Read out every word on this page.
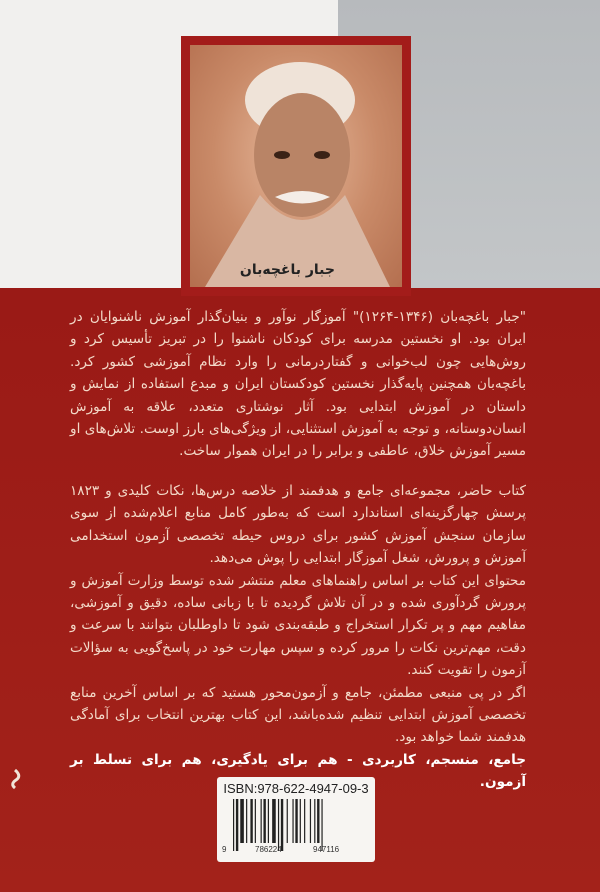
جبار باغچه‌بان
"جبار باغچه‌بان (۱۳۴۶-۱۲۶۴)" آموزگار نوآور و بنیان‌گذار آموزش ناشنوایان در ایران بود. او نخستین مدرسه برای کودکان ناشنوا را در تبریز تأسیس کرد و روش‌هایی چون لب‌خوانی و گفتاردرمانی را وارد نظام آموزشی کشور کرد. باغچه‌بان همچنین پایه‌گذار نخستین کودکستان ایران و مبدع استفاده از نمایش و داستان در آموزش ابتدایی بود. آثار نوشتاری متعدد، علاقه به آموزش انسان‌دوستانه، و توجه به آموزش استثنایی، از ویژگی‌های بارز اوست. تلاش‌های او مسیر آموزش خلاق، عاطفی و برابر را در ایران هموار ساخت.

کتاب حاضر، مجموعه‌ای جامع و هدفمند از خلاصه درس‌ها، نکات کلیدی و ۱۸۲۳ پرسش چهارگزینه‌ای استاندارد است که به‌طور کامل منابع اعلام‌شده از سوی سازمان سنجش آموزش کشور برای دروس حیطه تخصصی آزمون استخدامی آموزش و پرورش، شغل آموزگار ابتدایی را پوش می‌دهد.

محتوای این کتاب بر اساس راهنماهای معلم منتشر شده توسط وزارت آموزش و پرورش گردآوری شده و در آن تلاش گردیده تا با زبانی ساده، دقیق و آموزشی، مفاهیم مهم و پر تکرار استخراج و طبقه‌بندی شود تا داوطلبان بتوانند با سرعت و دقت، مهم‌ترین نکات را مرور کرده و سپس مهارت خود در پاسخ‌گویی به سؤالات آزمون را تقویت کنند.

اگر در پی منبعی مطمئن، جامع و آزمون‌محور هستید که بر اساس آخرین منابع تخصصی آموزش ابتدایی تنظیم شده‌باشد، این کتاب بهترین انتخاب برای آمادگی هدفمند شما خواهد بود.

جامع، منسجم، کاربردی - هم برای یادگیری، هم برای تسلط بر آزمون.

ISBN:978-622-4947-09-3
9	786224	947116
